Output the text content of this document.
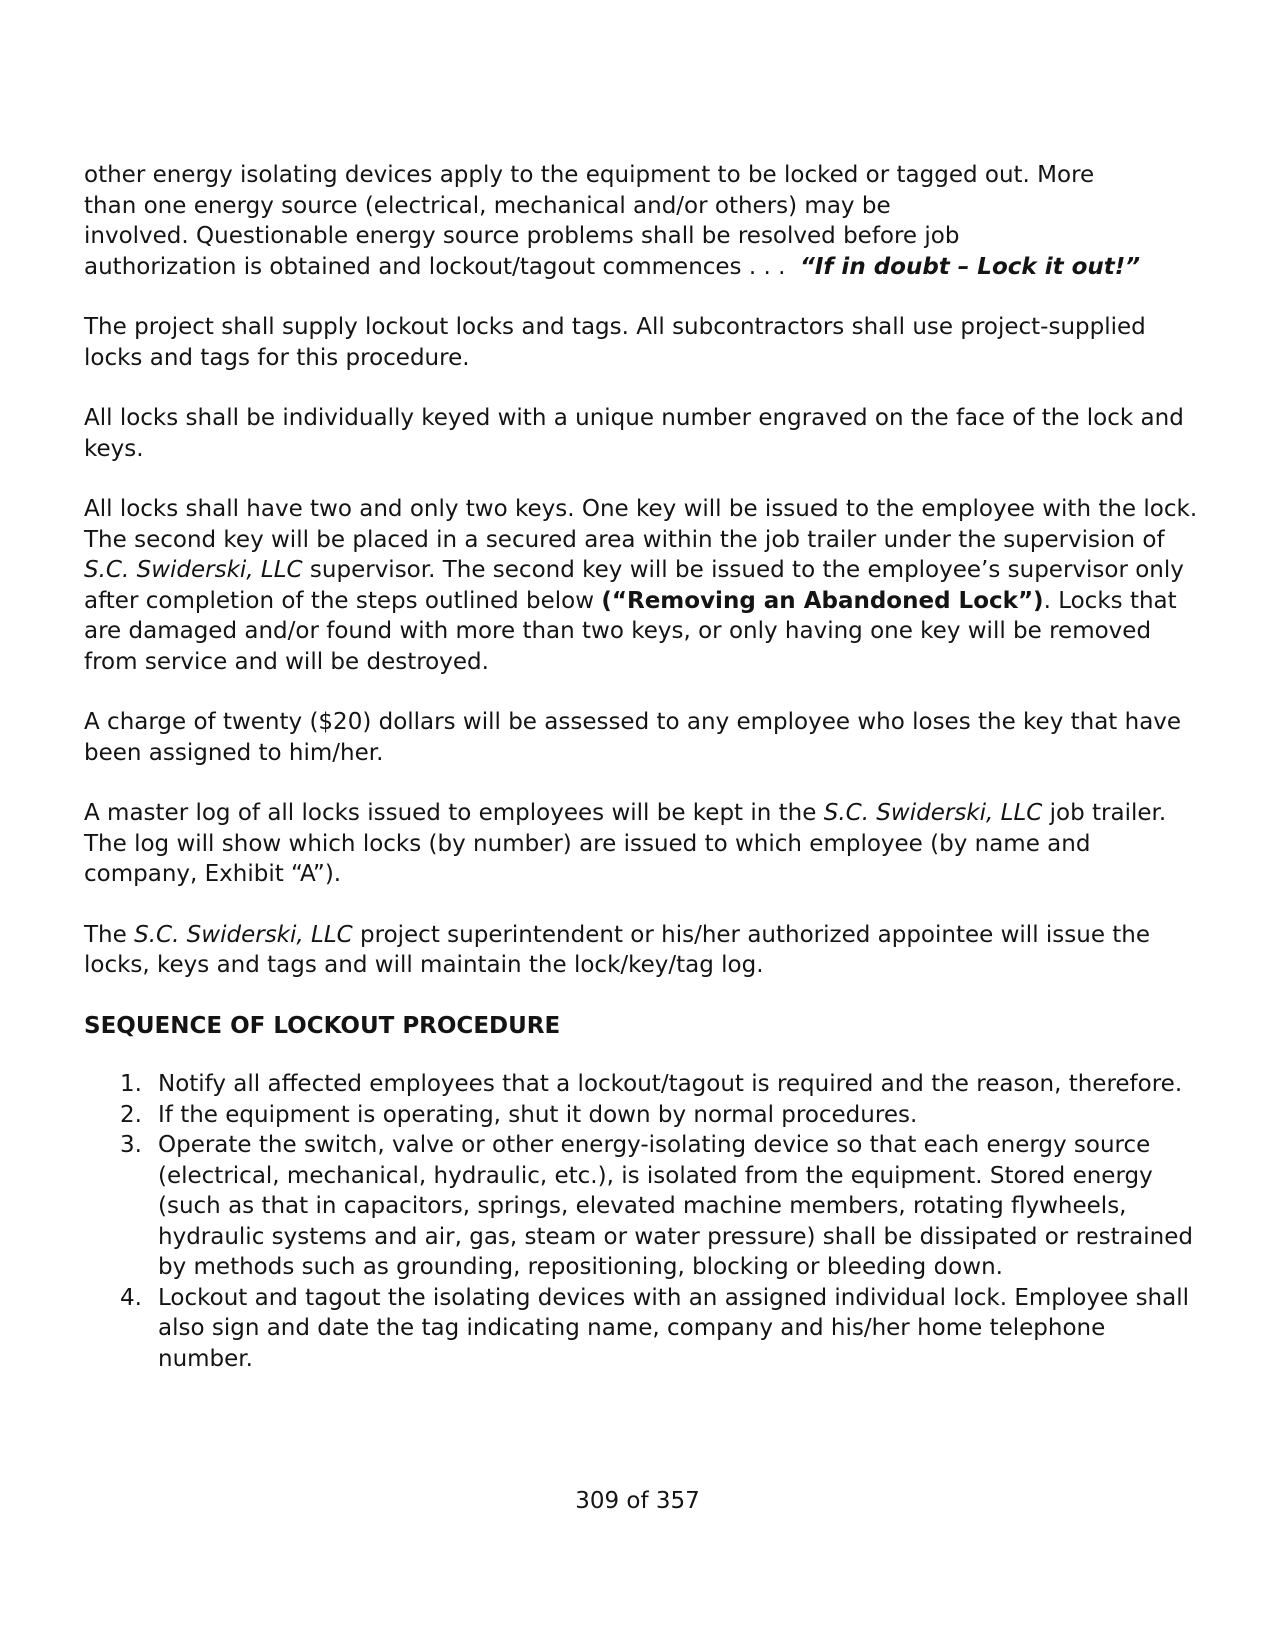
other energy isolating devices apply to the equipment to be locked or tagged out. More
than one energy source (electrical, mechanical and/or others) may be
involved. Questionable energy source problems shall be resolved before job
authorization is obtained and lockout/tagout commences . . . “If in doubt – Lock it out!”

The project shall supply lockout locks and tags. All subcontractors shall use project-supplied locks and tags for this procedure.

All locks shall be individually keyed with a unique number engraved on the face of the lock and keys.

All locks shall have two and only two keys. One key will be issued to the employee with the lock. The second key will be placed in a secured area within the job trailer under the supervision of S.C. Swiderski, LLC supervisor. The second key will be issued to the employee’s supervisor only after completion of the steps outlined below (“Removing an Abandoned Lock”). Locks that are damaged and/or found with more than two keys, or only having one key will be removed from service and will be destroyed.

A charge of twenty ($20) dollars will be assessed to any employee who loses the key that have been assigned to him/her.

A master log of all locks issued to employees will be kept in the S.C. Swiderski, LLC job trailer. The log will show which locks (by number) are issued to which employee (by name and company, Exhibit “A”).

The S.C. Swiderski, LLC project superintendent or his/her authorized appointee will issue the locks, keys and tags and will maintain the lock/key/tag log.

SEQUENCE OF LOCKOUT PROCEDURE
1. Notify all affected employees that a lockout/tagout is required and the reason, therefore.
2. If the equipment is operating, shut it down by normal procedures.
3. Operate the switch, valve or other energy-isolating device so that each energy source (electrical, mechanical, hydraulic, etc.), is isolated from the equipment. Stored energy (such as that in capacitors, springs, elevated machine members, rotating flywheels, hydraulic systems and air, gas, steam or water pressure) shall be dissipated or restrained by methods such as grounding, repositioning, blocking or bleeding down.
4. Lockout and tagout the isolating devices with an assigned individual lock. Employee shall also sign and date the tag indicating name, company and his/her home telephone number.
309 of 357
